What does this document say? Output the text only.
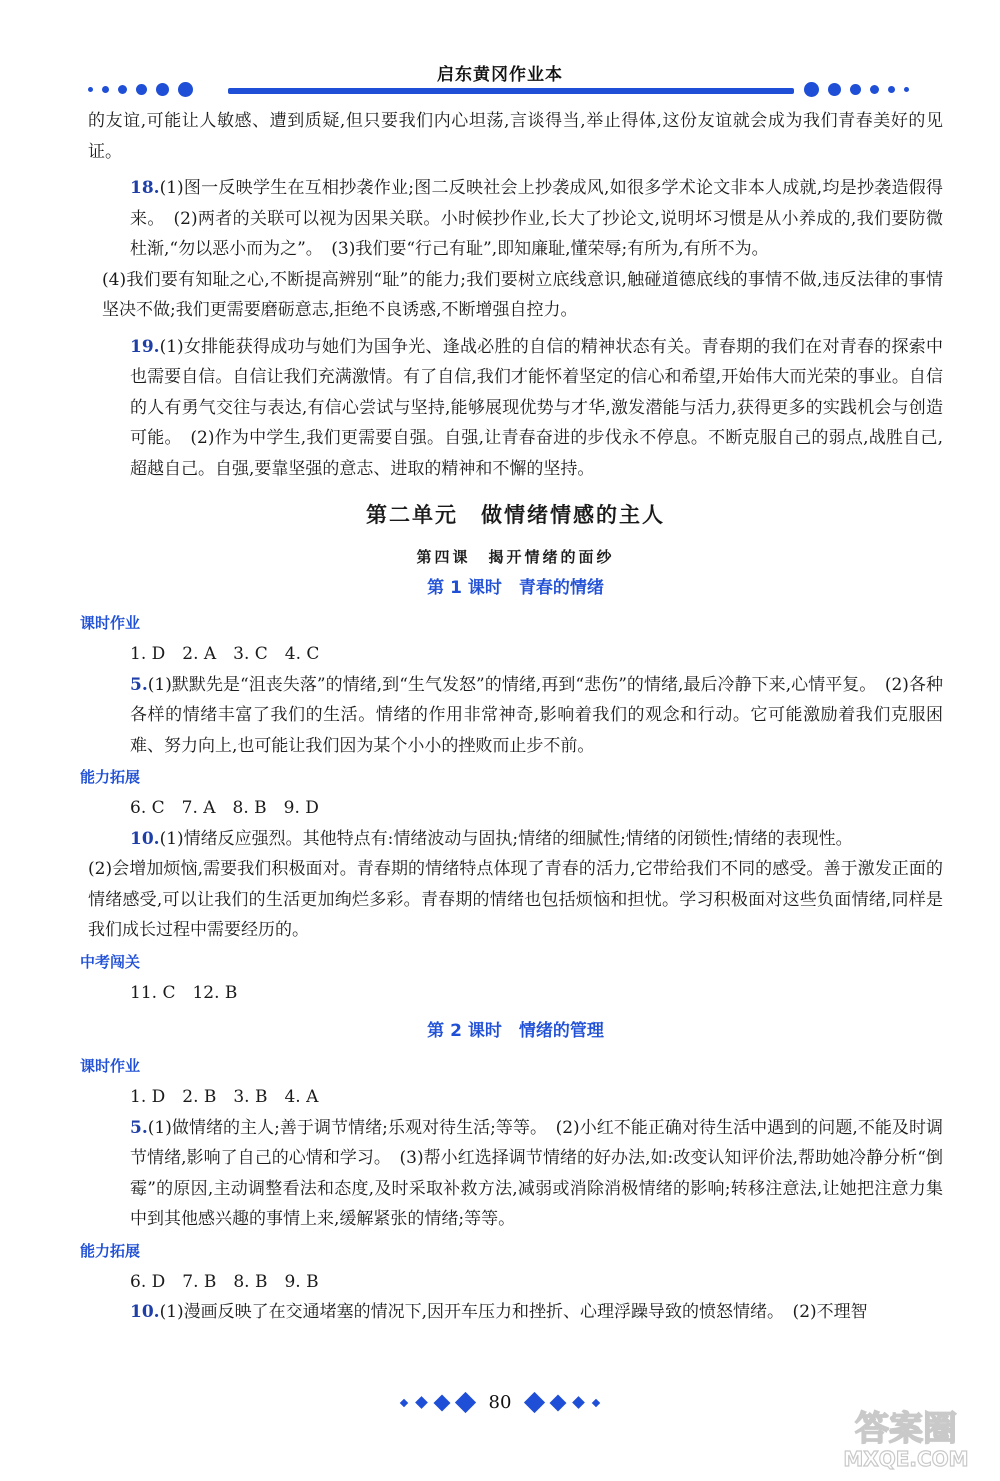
启东黄冈作业本

的友谊,可能让人敏感、遭到质疑,但只要我们内心坦荡,言谈得当,举止得体,这份友谊就会成为我们青春美好的见证。

18.(1)图一反映学生在互相抄袭作业;图二反映社会上抄袭成风,如很多学术论文非本人成就,均是抄袭造假得来。　(2)两者的关联可以视为因果关联。小时候抄作业,长大了抄论文,说明坏习惯是从小养成的,我们要防微杜渐,“勿以恶小而为之”。　(3)我们要“行己有耻”,即知廉耻,懂荣辱;有所为,有所不为。

(4)我们要有知耻之心,不断提高辨别“耻”的能力;我们要树立底线意识,触碰道德底线的事情不做,违反法律的事情坚决不做;我们更需要磨砺意志,拒绝不良诱惑,不断增强自控力。

19.(1)女排能获得成功与她们为国争光、逢战必胜的自信的精神状态有关。青春期的我们在对青春的探索中也需要自信。自信让我们充满激情。有了自信,我们才能怀着坚定的信心和希望,开始伟大而光荣的事业。自信的人有勇气交往与表达,有信心尝试与坚持,能够展现优势与才华,激发潜能与活力,获得更多的实践机会与创造可能。　(2)作为中学生,我们更需要自强。自强,让青春奋进的步伐永不停息。不断克服自己的弱点,战胜自己,超越自己。自强,要靠坚强的意志、进取的精神和不懈的坚持。

第二单元　做情绪情感的主人
第四课　揭开情绪的面纱
第 1 课时　青春的情绪
课时作业

1. D　2. A　3. C　4. C

5.(1)默默先是“沮丧失落”的情绪,到“生气发怒”的情绪,再到“悲伤”的情绪,最后冷静下来,心情平复。　(2)各种各样的情绪丰富了我们的生活。情绪的作用非常神奇,影响着我们的观念和行动。它可能激励着我们克服困难、努力向上,也可能让我们因为某个小小的挫败而止步不前。

能力拓展

6. C　7. A　8. B　9. D

10.(1)情绪反应强烈。其他特点有:情绪波动与固执;情绪的细腻性;情绪的闭锁性;情绪的表现性。

(2)会增加烦恼,需要我们积极面对。青春期的情绪特点体现了青春的活力,它带给我们不同的感受。善于激发正面的情绪感受,可以让我们的生活更加绚烂多彩。青春期的情绪也包括烦恼和担忧。学习积极面对这些负面情绪,同样是我们成长过程中需要经历的。

中考闯关

11. C　12. B

第 2 课时　情绪的管理
课时作业

1. D　2. B　3. B　4. A

5.(1)做情绪的主人;善于调节情绪;乐观对待生活;等等。　(2)小红不能正确对待生活中遇到的问题,不能及时调节情绪,影响了自己的心情和学习。　(3)帮小红选择调节情绪的好办法,如:改变认知评价法,帮助她冷静分析“倒霉”的原因,主动调整看法和态度,及时采取补救方法,减弱或消除消极情绪的影响;转移注意法,让她把注意力集中到其他感兴趣的事情上来,缓解紧张的情绪;等等。

能力拓展

6. D　7. B　8. B　9. B

10.(1)漫画反映了在交通堵塞的情况下,因开车压力和挫折、心理浮躁导致的愤怒情绪。　(2)不理智

80
答案圈
MXQE.COM
